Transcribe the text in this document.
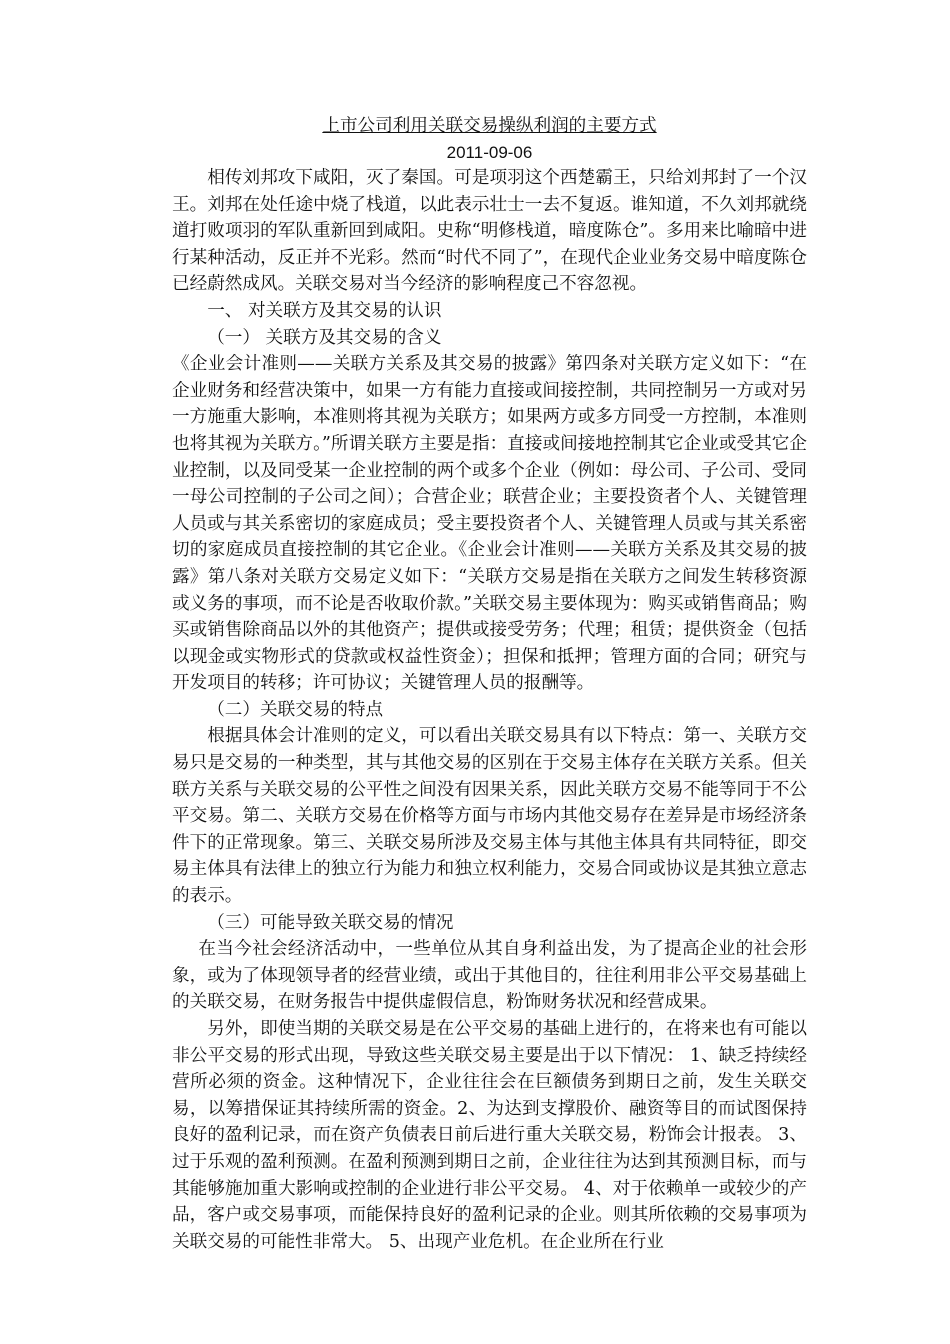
上市公司利用关联交易操纵利润的主要方式
2011-09-06

相传刘邦攻下咸阳，灭了秦国。可是项羽这个西楚霸王，只给刘邦封了一个汉王。刘邦在处任途中烧了栈道，以此表示壮士一去不复返。谁知道，不久刘邦就绕道打败项羽的军队重新回到咸阳。史称“明修栈道，暗度陈仓”。多用来比喻暗中进行某种活动，反正并不光彩。然而“时代不同了”，在现代企业业务交易中暗度陈仓已经蔚然成风。关联交易对当今经济的影响程度己不容忽视。

一、 对关联方及其交易的认识

（一） 关联方及其交易的含义

《企业会计准则——关联方关系及其交易的披露》第四条对关联方定义如下：“在企业财务和经营决策中，如果一方有能力直接或间接控制，共同控制另一方或对另一方施重大影响，本准则将其视为关联方；如果两方或多方同受一方控制，本准则也将其视为关联方。”所谓关联方主要是指：直接或间接地控制其它企业或受其它企业控制，以及同受某一企业控制的两个或多个企业（例如：母公司、子公司、受同一母公司控制的子公司之间）；合营企业；联营企业；主要投资者个人、关键管理人员或与其关系密切的家庭成员；受主要投资者个人、关键管理人员或与其关系密切的家庭成员直接控制的其它企业。《企业会计准则——关联方关系及其交易的披露》第八条对关联方交易定义如下：“关联方交易是指在关联方之间发生转移资源或义务的事项，而不论是否收取价款。”关联交易主要体现为：购买或销售商品；购买或销售除商品以外的其他资产；提供或接受劳务；代理；租赁；提供资金（包括以现金或实物形式的贷款或权益性资金）；担保和抵押；管理方面的合同；研究与开发项目的转移；许可协议；关键管理人员的报酬等。

（二）关联交易的特点

根据具体会计准则的定义，可以看出关联交易具有以下特点：第一、关联方交易只是交易的一种类型，其与其他交易的区别在于交易主体存在关联方关系。但关联方关系与关联交易的公平性之间没有因果关系，因此关联方交易不能等同于不公平交易。第二、关联方交易在价格等方面与市场内其他交易存在差异是市场经济条件下的正常现象。第三、关联交易所涉及交易主体与其他主体具有共同特征，即交易主体具有法律上的独立行为能力和独立权利能力，交易合同或协议是其独立意志的表示。

（三）可能导致关联交易的情况

在当今社会经济活动中，一些单位从其自身利益出发，为了提高企业的社会形象，或为了体现领导者的经营业绩，或出于其他目的，往往利用非公平交易基础上的关联交易，在财务报告中提供虚假信息，粉饰财务状况和经营成果。

另外，即使当期的关联交易是在公平交易的基础上进行的，在将来也有可能以非公平交易的形式出现，导致这些关联交易主要是出于以下情况： 1、缺乏持续经营所必须的资金。这种情况下，企业往往会在巨额债务到期日之前，发生关联交易，以筹措保证其持续所需的资金。2、为达到支撑股价、融资等目的而试图保持良好的盈利记录，而在资产负债表日前后进行重大关联交易，粉饰会计报表。 3、过于乐观的盈利预测。在盈利预测到期日之前，企业往往为达到其预测目标，而与其能够施加重大影响或控制的企业进行非公平交易。 4、对于依赖单一或较少的产品，客户或交易事项，而能保持良好的盈利记录的企业。则其所依赖的交易事项为关联交易的可能性非常大。 5、出现产业危机。在企业所在行业
